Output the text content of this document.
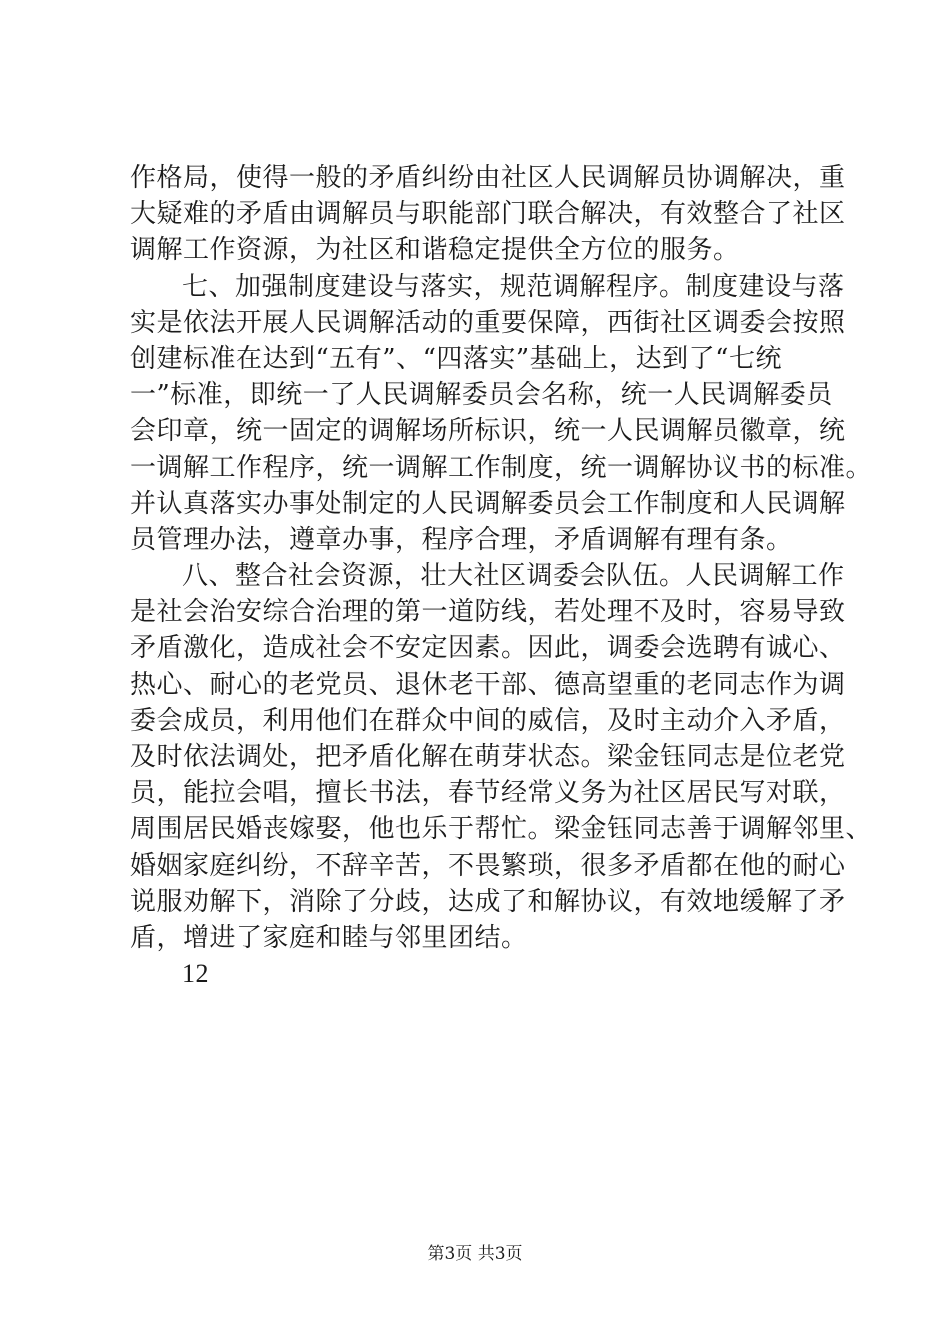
作格局，使得一般的矛盾纠纷由社区人民调解员协调解决，重
大疑难的矛盾由调解员与职能部门联合解决，有效整合了社区
调解工作资源，为社区和谐稳定提供全方位的服务。
七、加强制度建设与落实，规范调解程序。制度建设与落
实是依法开展人民调解活动的重要保障，西街社区调委会按照
创建标准在达到“五有”、“四落实”基础上，达到了“七统
一”标准，即统一了人民调解委员会名称，统一人民调解委员
会印章，统一固定的调解场所标识，统一人民调解员徽章，统
一调解工作程序，统一调解工作制度，统一调解协议书的标准。
并认真落实办事处制定的人民调解委员会工作制度和人民调解
员管理办法，遵章办事，程序合理，矛盾调解有理有条。
八、整合社会资源，壮大社区调委会队伍。人民调解工作
是社会治安综合治理的第一道防线，若处理不及时，容易导致
矛盾激化，造成社会不安定因素。因此，调委会选聘有诚心、
热心、耐心的老党员、退休老干部、德高望重的老同志作为调
委会成员，利用他们在群众中间的威信，及时主动介入矛盾，
及时依法调处，把矛盾化解在萌芽状态。梁金钰同志是位老党
员，能拉会唱，擅长书法，春节经常义务为社区居民写对联，
周围居民婚丧嫁娶，他也乐于帮忙。梁金钰同志善于调解邻里、
婚姻家庭纠纷，不辞辛苦，不畏繁琐，很多矛盾都在他的耐心
说服劝解下，消除了分歧，达成了和解协议，有效地缓解了矛
盾，增进了家庭和睦与邻里团结。
12
第3页 共3页
